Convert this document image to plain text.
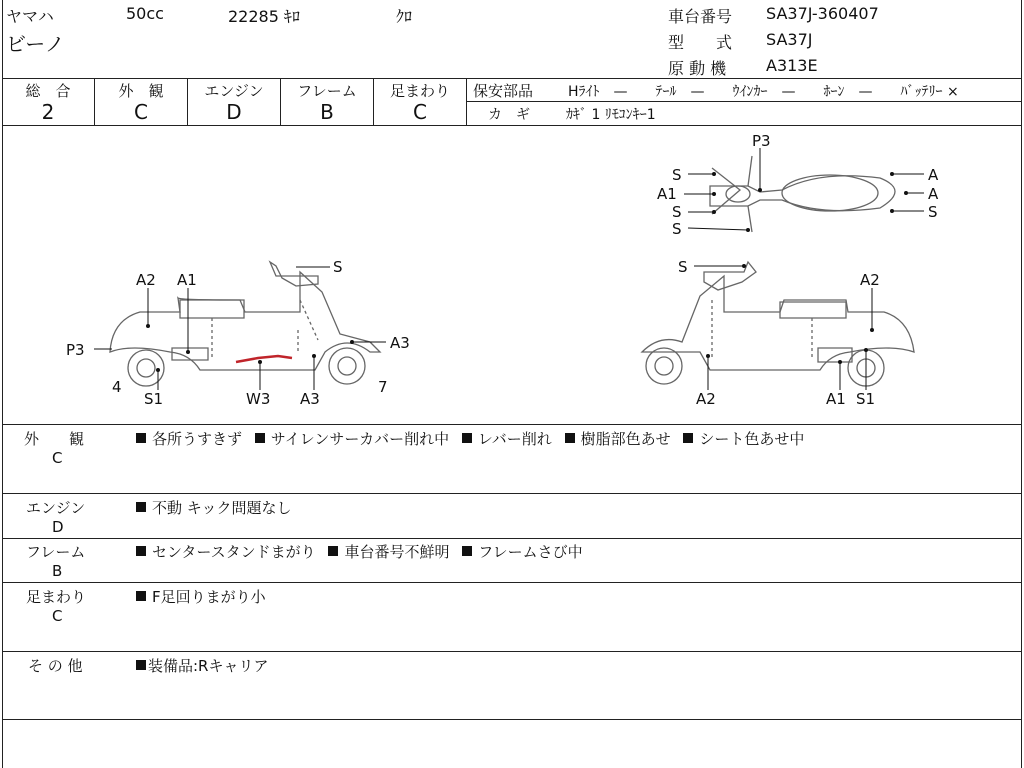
ヤマハ	50cc	22285 ｷﾛ	ｸﾛ
ビーノ
車台番号 SA37J-360407
型　　式 SA37J
原 動 機 A313E
総　合
2
外　観
C
エンジン
D
フレーム
B
足まわり
C
保安部品 Hﾗｲﾄ　—　　ﾃｰﾙ　—　　ｳｲﾝｶｰ　—　　ﾎｰﾝ　—　　ﾊﾞｯﾃﾘｰ ×
カ　ギ	ｶｷﾞ 1 ﾘﾓｺﾝｷｰ1
A2 A1
S
P3	A3
4
S1	W3 A3
7
S
A2
A2	A1 S1
P3
S	A
A1	A
S	S
S
外　　観
C
各所うすきず サイレンサーカバー削れ中 レバー削れ 樹脂部色あせ シート色あせ中
エンジン
D
不動 キック問題なし
フレーム
B
センタースタンドまがり 車台番号不鮮明 フレームさび中
足まわり
C
F足回りまがり小
そ の 他	装備品:Rキャリア
